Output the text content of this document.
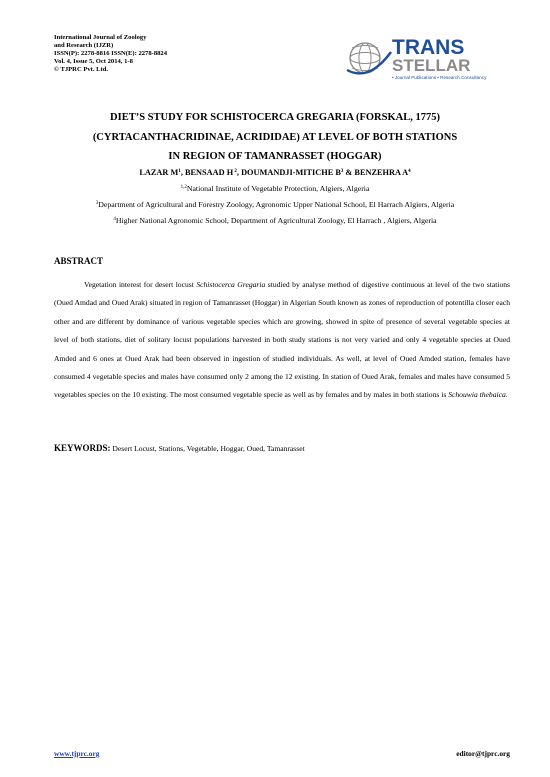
International Journal of Zoology
and Research (IJZR)
ISSN(P): 2278-8816 ISSN(E): 2278-8824
Vol. 4, Issue 5, Oct 2014, 1-8
© TJPRC Pvt. Ltd.
TRANS
STELLAR
• Journal Publications • Research Consultancy
DIET’S STUDY FOR SCHISTOCERCA GREGARIA (FORSKAL, 1775)
(CYRTACANTHACRIDINAE, ACRIDIDAE) AT LEVEL OF BOTH STATIONS
IN REGION OF TAMANRASSET (HOGGAR)
LAZAR $M^1$, BENSAAD H $^2$, DOUMANDJI-MITICHE $B^3$ & BENZEHRA $A^4$
$^{1,2}$National Institute of Vegetable Protection, Algiers, Algeria
$^3$Department of Agricultural and Forestry Zoology, Agronomic Upper National School, El Harrach Algiers, Algeria
$^4$Higher National Agronomic School, Department of Agricultural Zoology, El Harrach , Algiers, Algeria
ABSTRACT

Vegetation interest for desert locust Schistocerca Gregaria studied by analyse method of digestive continuous at level of the two stations (Oued Amdad and Oued Arak) situated in region of Tamanrasset (Hoggar) in Algerian South known as zones of reproduction of potentilla closer each other and are different by dominance of various vegetable species which are growing, showed in spite of presence of several vegetable species at level of both stations, diet of solitary locust populations harvested in both study stations is not very varied and only 4 vegetable species at Oued Amded and 6 ones at Oued Arak had been observed in ingestion of studied individuals. As well, at level of Oued Amded station, females have consumed 4 vegetable species and males have consumed only 2 among the 12 existing. In station of Oued Arak, females and males have consumed 5 vegetables species on the 10 existing. The most consumed vegetable specie as well as by females and by males in both stations is Schouwia thebaica.

KEYWORDS: Desert Locust, Stations, Vegetable, Hoggar, Oued, Tamanrasset
www.tjprc.org	editor@tjprc.org
